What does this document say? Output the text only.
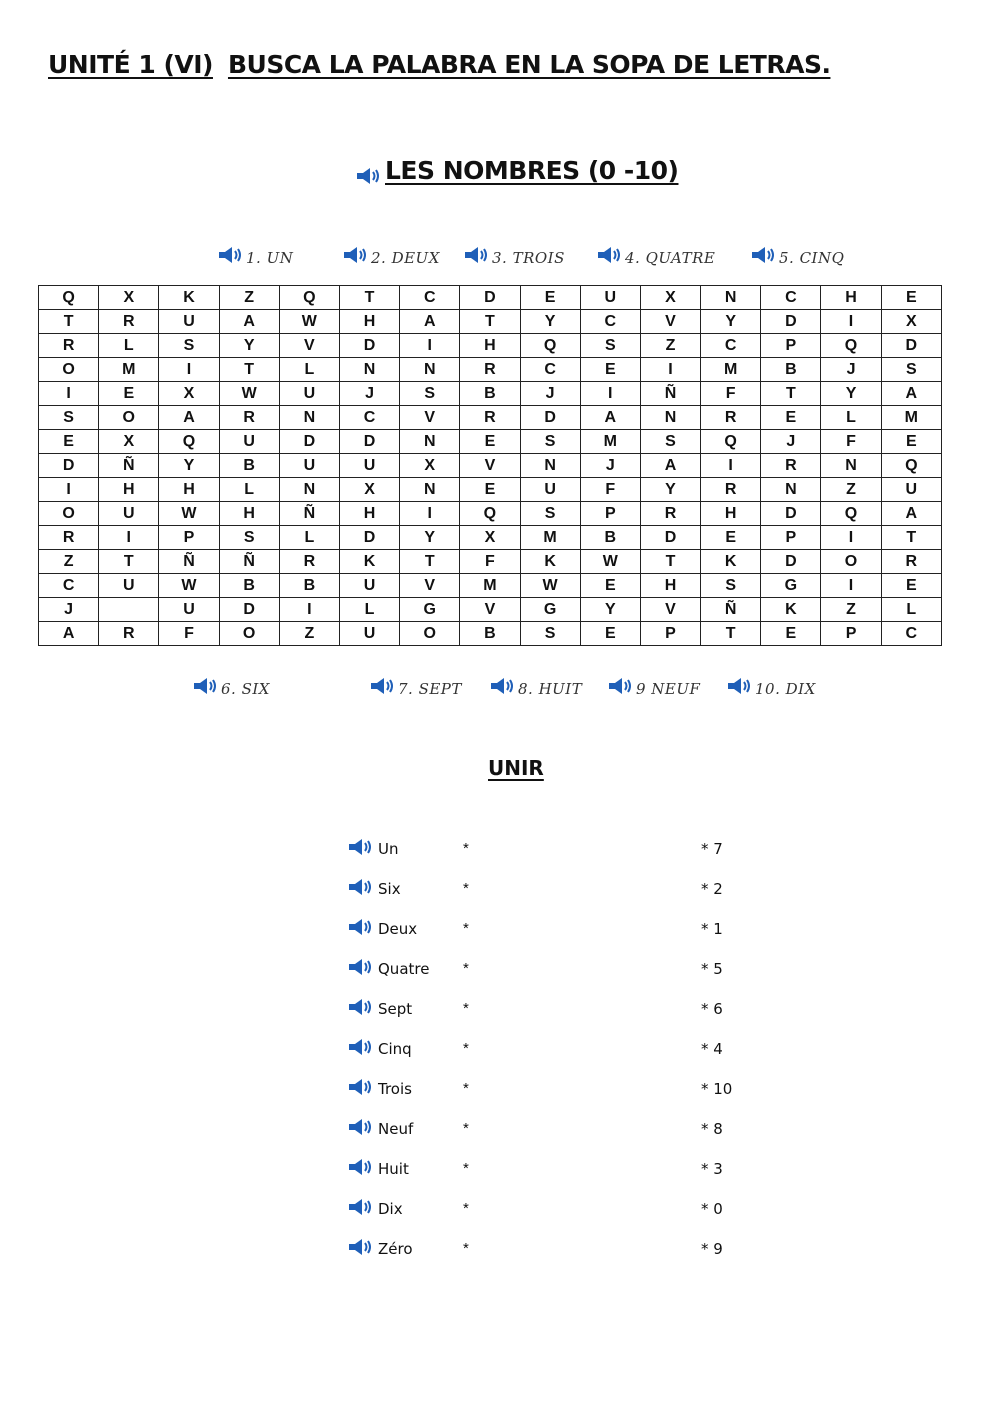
UNITÉ 1 (VI) BUSCA LA PALABRA EN LA SOPA DE LETRAS.
LES NOMBRES (0 -10)
1. UN	2. DEUX	3. TROIS	4. QUATRE	5. CINQ
Q	X	K	Z	Q	T	C	D	E	U	X	N	C	H	E
T	R	U	A	W	H	A	T	Y	C	V	Y	D	I	X
R	L	S	Y	V	D	I	H	Q	S	Z	C	P	Q	D
O	M	I	T	L	N	N	R	C	E	I	M	B	J	S
I	E	X	W	U	J	S	B	J	I	Ñ	F	T	Y	A
S	O	A	R	N	C	V	R	D	A	N	R	E	L	M
E	X	Q	U	D	D	N	E	S	M	S	Q	J	F	E
D	Ñ	Y	B	U	U	X	V	N	J	A	I	R	N	Q
I	H	H	L	N	X	N	E	U	F	Y	R	N	Z	U
O	U	W	H	Ñ	H	I	Q	S	P	R	H	D	Q	A
R	I	P	S	L	D	Y	X	M	B	D	E	P	I	T
Z	T	Ñ	Ñ	R	K	T	F	K	W	T	K	D	O	R
C	U	W	B	B	U	V	M	W	E	H	S	G	I	E
J		U	D	I	L	G	V	G	Y	V	Ñ	K	Z	L
A	R	F	O	Z	U	O	B	S	E	P	T	E	P	C
6. SIX	7. SEPT	8. HUIT	9 NEUF	10. DIX
UNIR
Un	*	* 7
Six	*	* 2
Deux	*	* 1
Quatre *	* 5
Sept	*	* 6
Cinq	*	* 4
Trois	*	* 10
Neuf	*	* 8
Huit	*	* 3
Dix	*	* 0
Zéro	*	* 9
